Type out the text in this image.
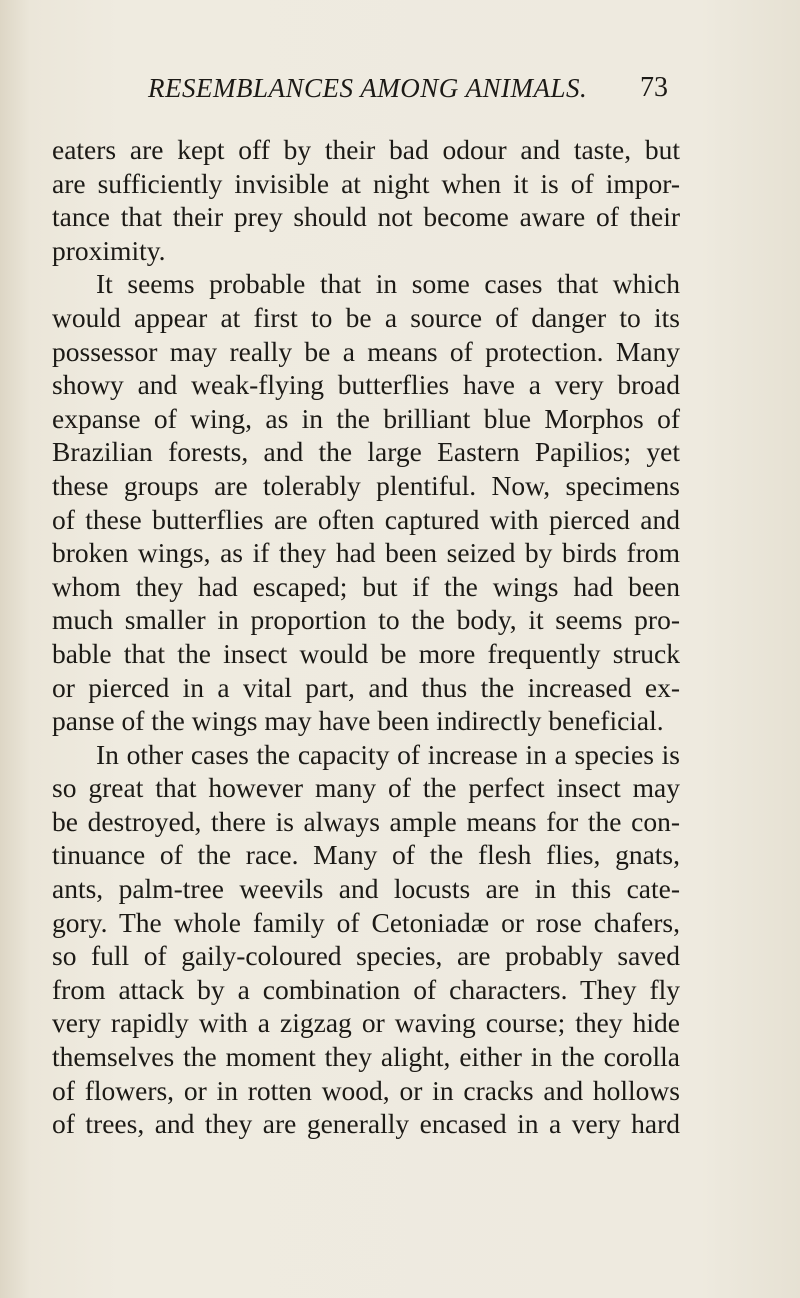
RESEMBLANCES AMONG ANIMALS. 73
eaters are kept off by their bad odour and taste, but
are sufficiently invisible at night when it is of impor-
tance that their prey should not become aware of their
proximity.
It seems probable that in some cases that which
would appear at first to be a source of danger to its
possessor may really be a means of protection. Many
showy and weak-flying butterflies have a very broad
expanse of wing, as in the brilliant blue Morphos of
Brazilian forests, and the large Eastern Papilios; yet
these groups are tolerably plentiful. Now, specimens
of these butterflies are often captured with pierced and
broken wings, as if they had been seized by birds from
whom they had escaped; but if the wings had been
much smaller in proportion to the body, it seems pro-
bable that the insect would be more frequently struck
or pierced in a vital part, and thus the increased ex-
panse of the wings may have been indirectly beneficial.
In other cases the capacity of increase in a species is
so great that however many of the perfect insect may
be destroyed, there is always ample means for the con-
tinuance of the race. Many of the flesh flies, gnats,
ants, palm-tree weevils and locusts are in this cate-
gory. The whole family of Cetoniadæ or rose chafers,
so full of gaily-coloured species, are probably saved
from attack by a combination of characters. They fly
very rapidly with a zigzag or waving course; they hide
themselves the moment they alight, either in the corolla
of flowers, or in rotten wood, or in cracks and hollows
of trees, and they are generally encased in a very hard
